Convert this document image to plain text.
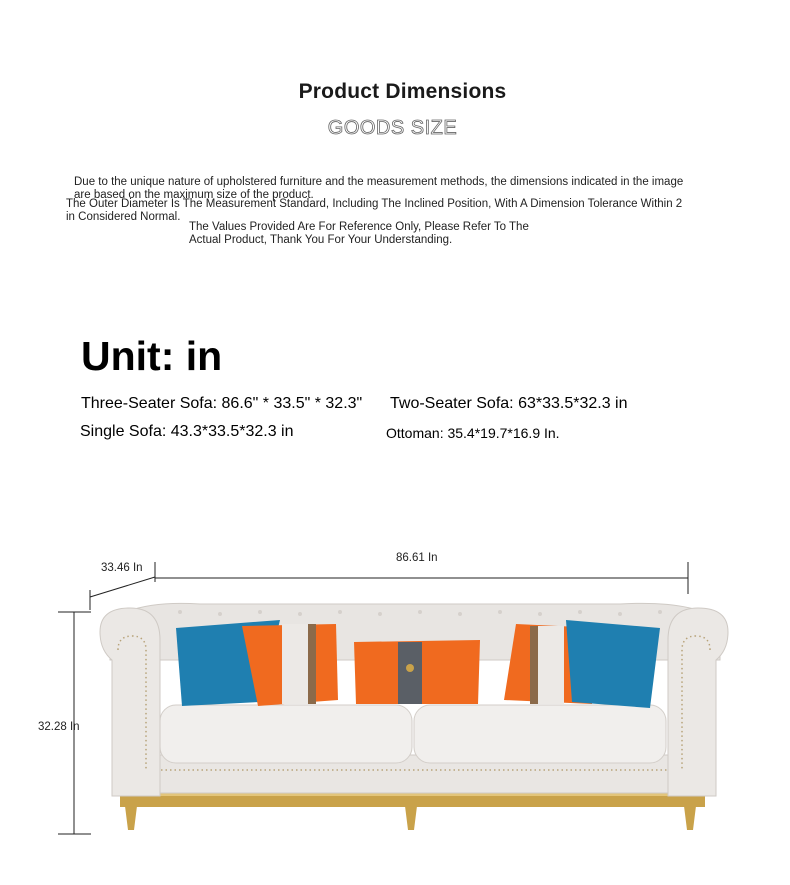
Product Dimensions
GOODS SIZE
Due to the unique nature of upholstered furniture and the measurement methods, the dimensions indicated in the image are based on the maximum size of the product.
The Outer Diameter Is The Measurement Standard, Including The Inclined Position, With A Dimension Tolerance Within 2 in Considered Normal.
The Values Provided Are For Reference Only, Please Refer To The Actual Product, Thank You For Your Understanding.
Unit: in
Three-Seater Sofa: 86.6" * 33.5" * 32.3" Two-Seater Sofa: 63*33.5*32.3 in
Single Sofa: 43.3*33.5*32.3 in	Ottoman: 35.4*19.7*16.9 In.
33.46 In
86.61 In
32.28 In
